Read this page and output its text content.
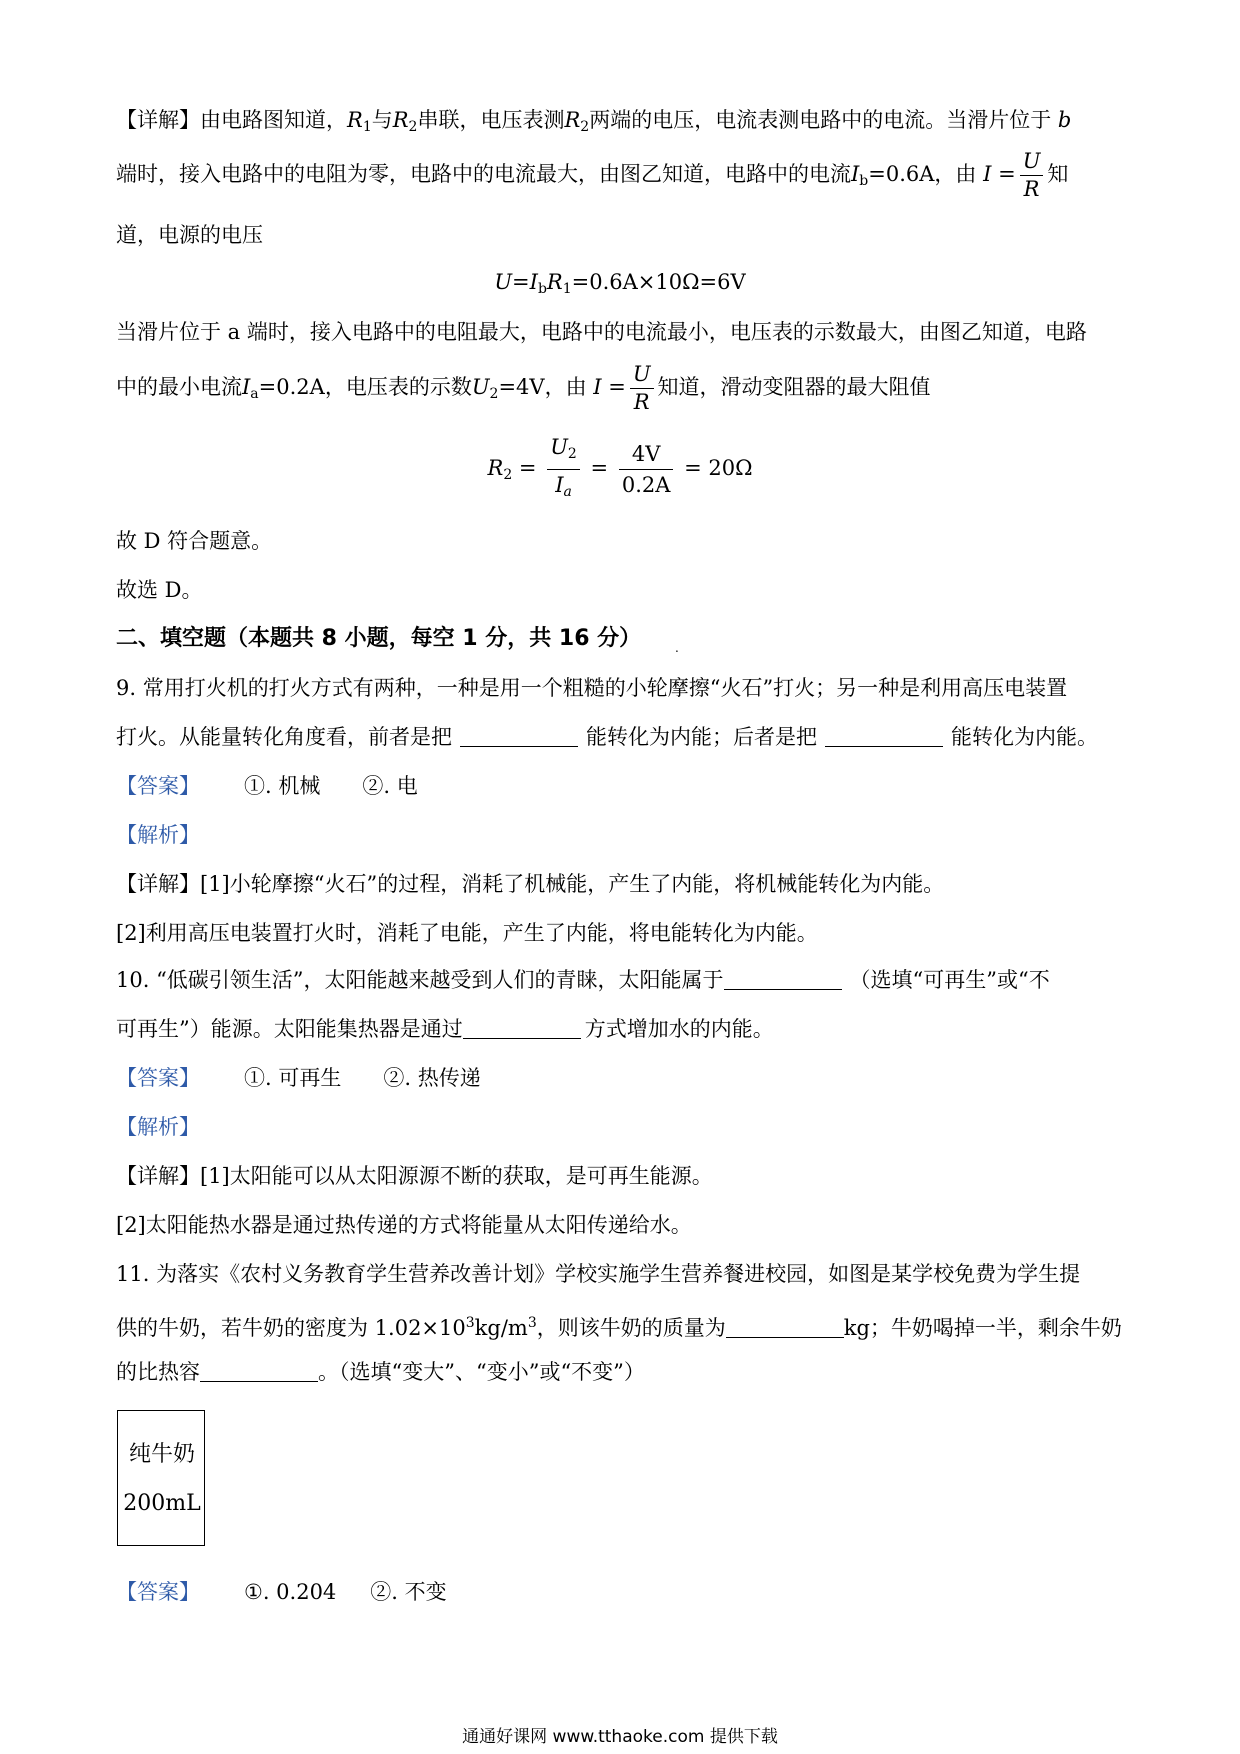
【详解】由电路图知道，$R_1$与$R_2$串联，电压表测$R_2$两端的电压，电流表测电路中的电流。当滑片位于 b
端时，接入电路中的电阻为零，电路中的电流最大，由图乙知道，电路中的电流$I_b=0.6A$，由 $I = \frac{U}{R}$ 知
道，电源的电压
$U=I_bR_1=0.6A\times 10\Omega=6V$
当滑片位于 a 端时，接入电路中的电阻最大，电路中的电流最小，电压表的示数最大，由图乙知道，电路
中的最小电流$I_a=0.2A$，电压表的示数$U_2=4V$，由 $I = \frac{U}{R}$ 知道，滑动变阻器的最大阻值
$R_2 = \frac{U_2}{I_a} = \frac{4V}{0.2A} = 20\Omega$
故 D 符合题意。
故选 D。
二、填空题（本题共 8 小题，每空 1 分，共 16 分）	.
9. 常用打火机的打火方式有两种，一种是用一个粗糙的小轮摩擦“火石”打火；另一种是利用高压电装置
打火。从能量转化角度看，前者是把	能转化为内能；后者是把	能转化为内能。
【答案】 ①. 机械 ②. 电
【解析】
【详解】[1]小轮摩擦“火石”的过程，消耗了机械能，产生了内能，将机械能转化为内能。
[2]利用高压电装置打火时，消耗了电能，产生了内能，将电能转化为内能。
10. “低碳引领生活”，太阳能越来越受到人们的青睐，太阳能属于	（选填“可再生”或“不
可再生”）能源。太阳能集热器是通过	方式增加水的内能。
【答案】 ①. 可再生 ②. 热传递
【解析】
【详解】[1]太阳能可以从太阳源源不断的获取，是可再生能源。
[2]太阳能热水器是通过热传递的方式将能量从太阳传递给水。
11. 为落实《农村义务教育学生营养改善计划》学校实施学生营养餐进校园，如图是某学校免费为学生提
供的牛奶，若牛奶的密度为 $1.02\times 10^3kg/m^3$，则该牛奶的质量为	kg；牛奶喝掉一半，剩余牛奶
的比热容	。（选填“变大”、“变小”或“不变”）
纯牛奶
200mL
【答案】 ①. 0.204 ②. 不变
通通好课网 www.tthaoke.com 提供下载
